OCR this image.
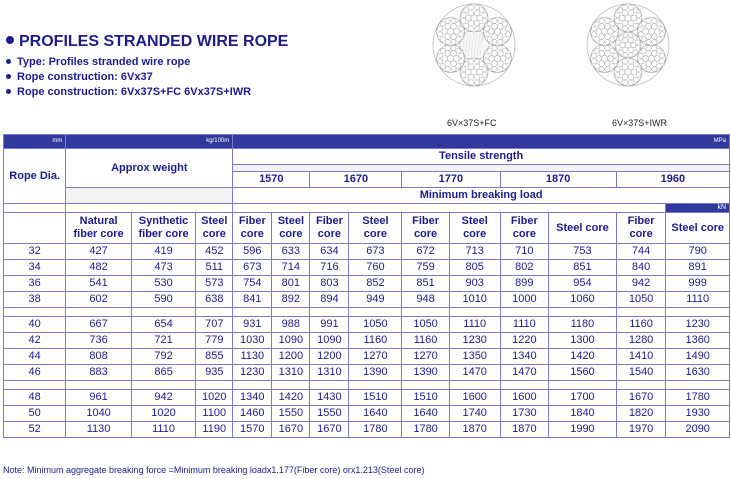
PROFILES STRANDED WIRE ROPE
Type: Profiles stranded wire rope
Rope construction: 6Vx37
Rope construction: 6Vx37S+FC 6Vx37S+IWR
6V×37S+FC	6V×37S+IWR
mm	kg/100m			MPa									
Rope Dia.	Approx weight			Tensile strength									

				1570		1670		1770		1870		1960	
				Minimum breaking load									
													kN
	Natural fiber core	Synthetic fiber core	Steel core	Fiber core	Steel core	Fiber core	Steel core	Fiber core	Steel core	Fiber core	Steel core	Fiber core	Steel core
32	427	419	452	596	633	634	673	672	713	710	753	744	790
34	482	473	511	673	714	716	760	759	805	802	851	840	891
36	541	530	573	754	801	803	852	851	903	899	954	942	999
38	602	590	638	841	892	894	949	948	1010	1000	1060	1050	1110

40	667	654	707	931	988	991	1050	1050	1110	1110	1180	1160	1230
42	736	721	779	1030	1090	1090	1160	1160	1230	1220	1300	1280	1360
44	808	792	855	1130	1200	1200	1270	1270	1350	1340	1420	1410	1490
46	883	865	935	1230	1310	1310	1390	1390	1470	1470	1560	1540	1630

48	961	942	1020	1340	1420	1430	1510	1510	1600	1600	1700	1670	1780
50	1040	1020	1100	1460	1550	1550	1640	1640	1740	1730	1840	1820	1930
52	1130	1110	1190	1570	1670	1670	1780	1780	1870	1870	1990	1970	2090
Note: Minimum aggregate breaking force =Minimum breaking loadx1.177(Fiber core) orx1.213(Steel core)
